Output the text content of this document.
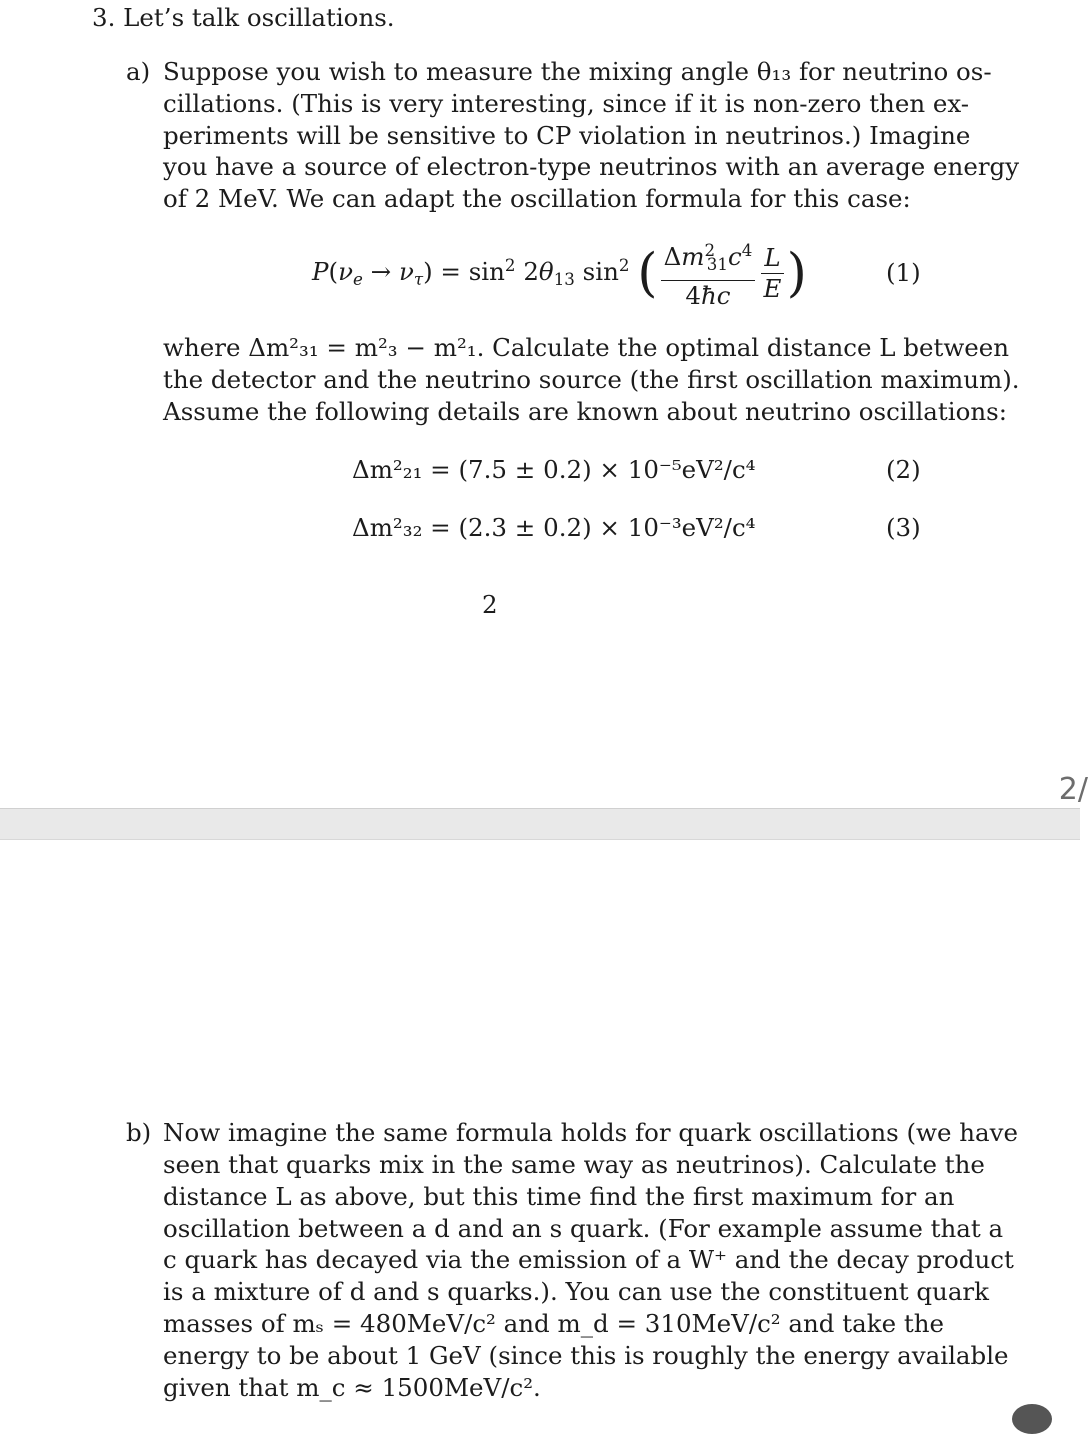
3. Let’s talk oscillations.
a) Suppose you wish to measure the mixing angle θ₁₃ for neutrino os-
cillations. (This is very interesting, since if it is non-zero then ex-
periments will be sensitive to CP violation in neutrinos.) Imagine
you have a source of electron-type neutrinos with an average energy
of 2 MeV. We can adapt the oscillation formula for this case:
$P(\nu_e \to \nu_\tau) = \sin^2 2\theta_{13}$ $\sin^2$ ( $\frac{\Delta m^2_{31}c^4}{4ħc} \frac{L}{E}$ )	(1)
where Δm²₃₁ = m²₃ − m²₁. Calculate the optimal distance L between
the detector and the neutrino source (the first oscillation maximum).
Assume the following details are known about neutrino oscillations:
Δm²₂₁ = (7.5 ± 0.2) × 10⁻⁵eV²/c⁴	(2)
Δm²₃₂ = (2.3 ± 0.2) × 10⁻³eV²/c⁴	(3)
2
2/
b) Now imagine the same formula holds for quark oscillations (we have
seen that quarks mix in the same way as neutrinos). Calculate the
distance L as above, but this time find the first maximum for an
oscillation between a d and an s quark. (For example assume that a
c quark has decayed via the emission of a W⁺ and the decay product
is a mixture of d and s quarks.). You can use the constituent quark
masses of mₛ = 480MeV/c² and m_d = 310MeV/c² and take the
energy to be about 1 GeV (since this is roughly the energy available
given that m_c ≈ 1500MeV/c².
